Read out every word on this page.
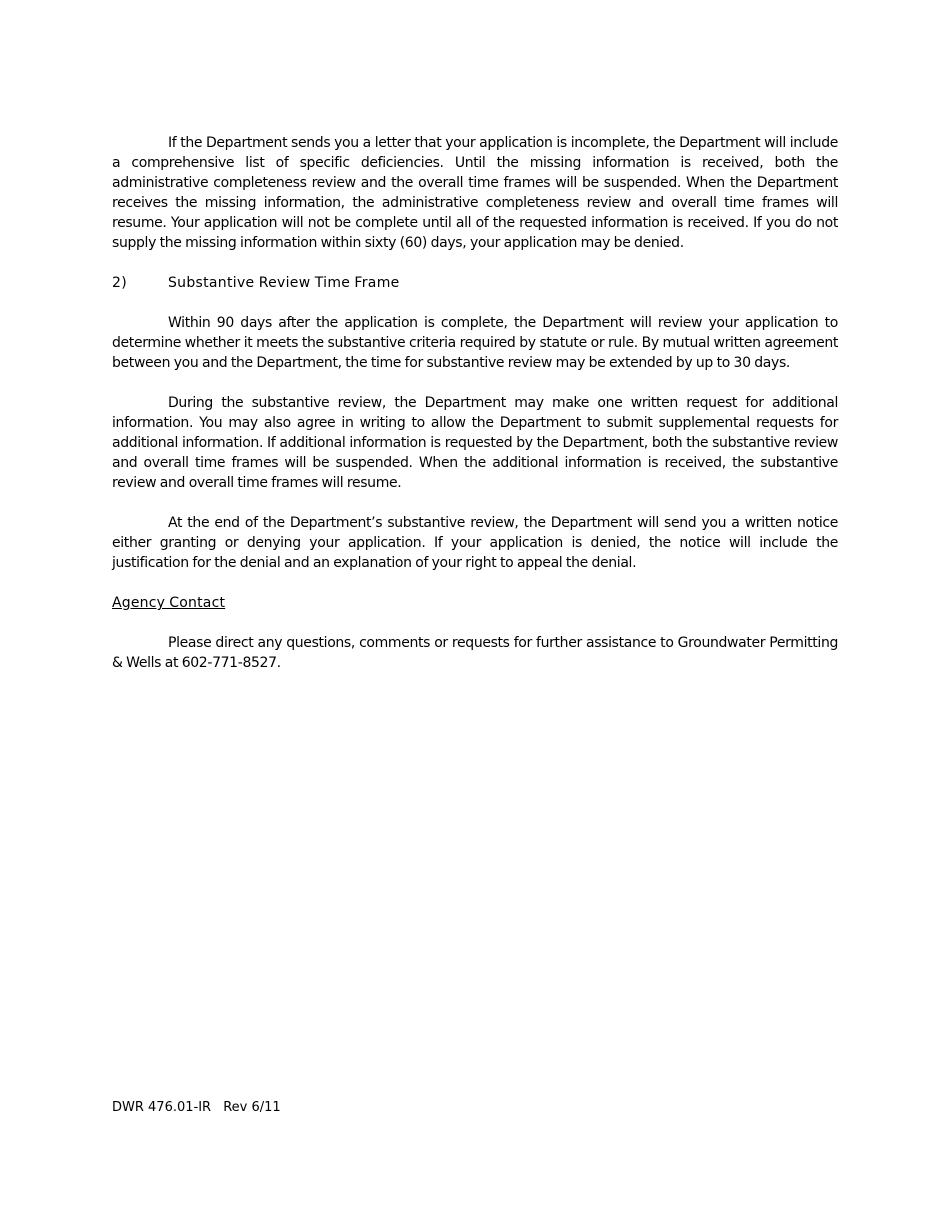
If the Department sends you a letter that your application is incomplete, the Department will include a comprehensive list of specific deficiencies. Until the missing information is received, both the administrative completeness review and the overall time frames will be suspended. When the Department receives the missing information, the administrative completeness review and overall time frames will resume. Your application will not be complete until all of the requested information is received. If you do not supply the missing information within sixty (60) days, your application may be denied.

2)	Substantive Review Time Frame

Within 90 days after the application is complete, the Department will review your application to determine whether it meets the substantive criteria required by statute or rule. By mutual written agreement between you and the Department, the time for substantive review may be extended by up to 30 days.

During the substantive review, the Department may make one written request for additional information. You may also agree in writing to allow the Department to submit supplemental requests for additional information. If additional information is requested by the Department, both the substantive review and overall time frames will be suspended. When the additional information is received, the substantive review and overall time frames will resume.

At the end of the Department’s substantive review, the Department will send you a written notice either granting or denying your application. If your application is denied, the notice will include the justification for the denial and an explanation of your right to appeal the denial.

Agency Contact

Please direct any questions, comments or requests for further assistance to Groundwater Permitting & Wells at 602-771-8527.

DWR 476.01-IR Rev 6/11
